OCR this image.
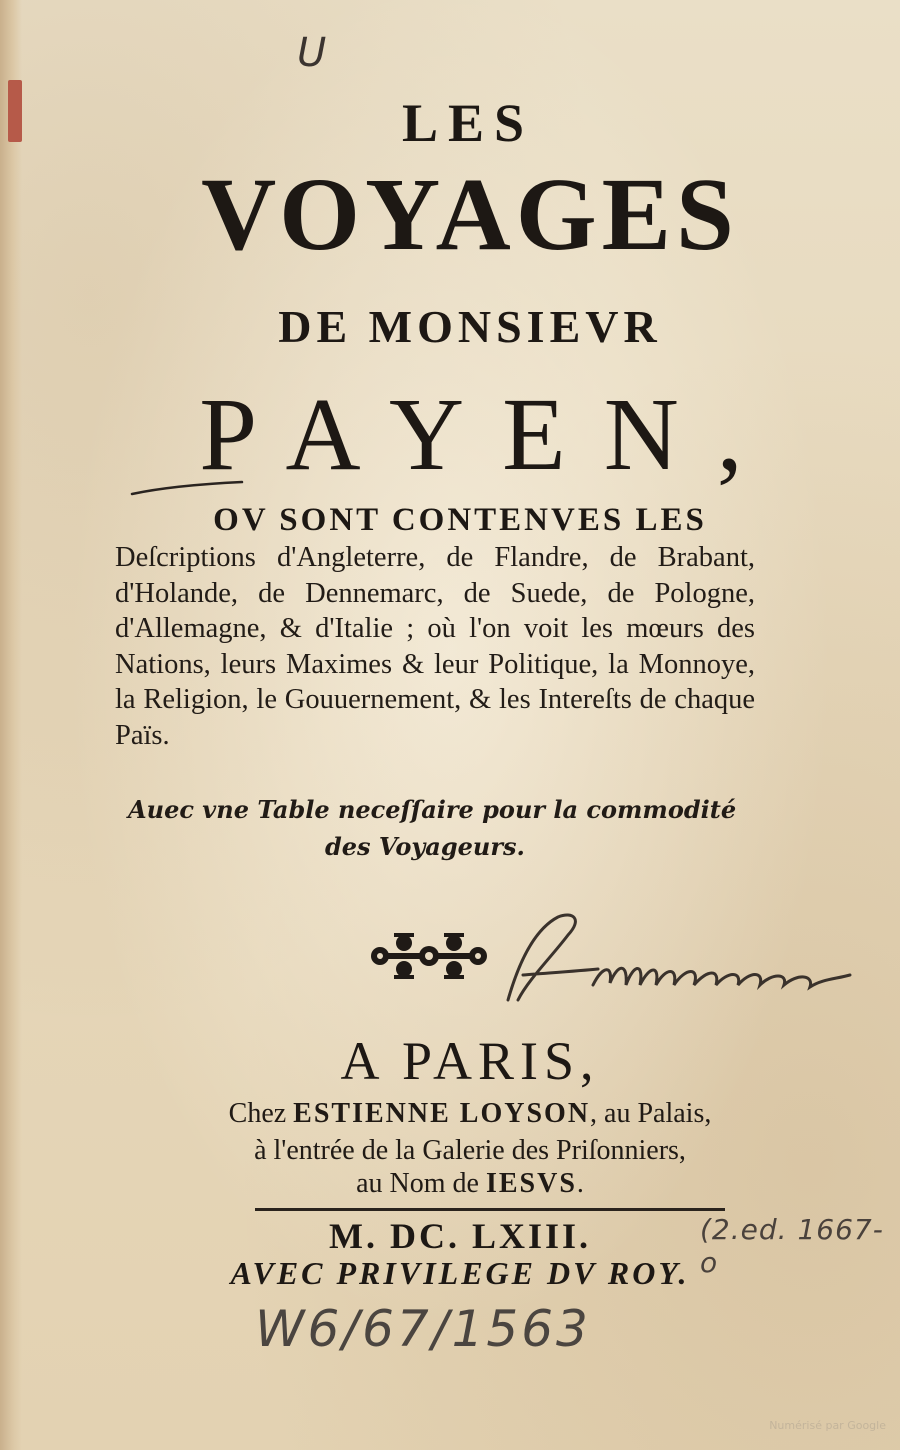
U
LES
VOYAGES
DE MONSIEVR
PAYEN,
OV SONT CONTENVES LES
Deſcriptions d'Angleterre, de Flandre, de Brabant, d'Holande, de Dennemarc, de Suede, de Pologne, d'Allemagne, & d'Italie ; où l'on voit les mœurs des Nations, leurs Maximes & leur Politique, la Monnoye, la Religion, le Gouuernement, & les Intereſts de chaque Païs.
Auec vne Table neceſſaire pour la commodité
des Voyageurs.
A PARIS,
Chez ESTIENNE LOYSON, au Palais,
à l'entrée de la Galerie des Priſonniers,
au Nom de IESVS.
M. DC. LXIII.	(2.ed. 1667-o
AVEC PRIVILEGE DV ROY.
W6/67/1563
Numérisé par Google
